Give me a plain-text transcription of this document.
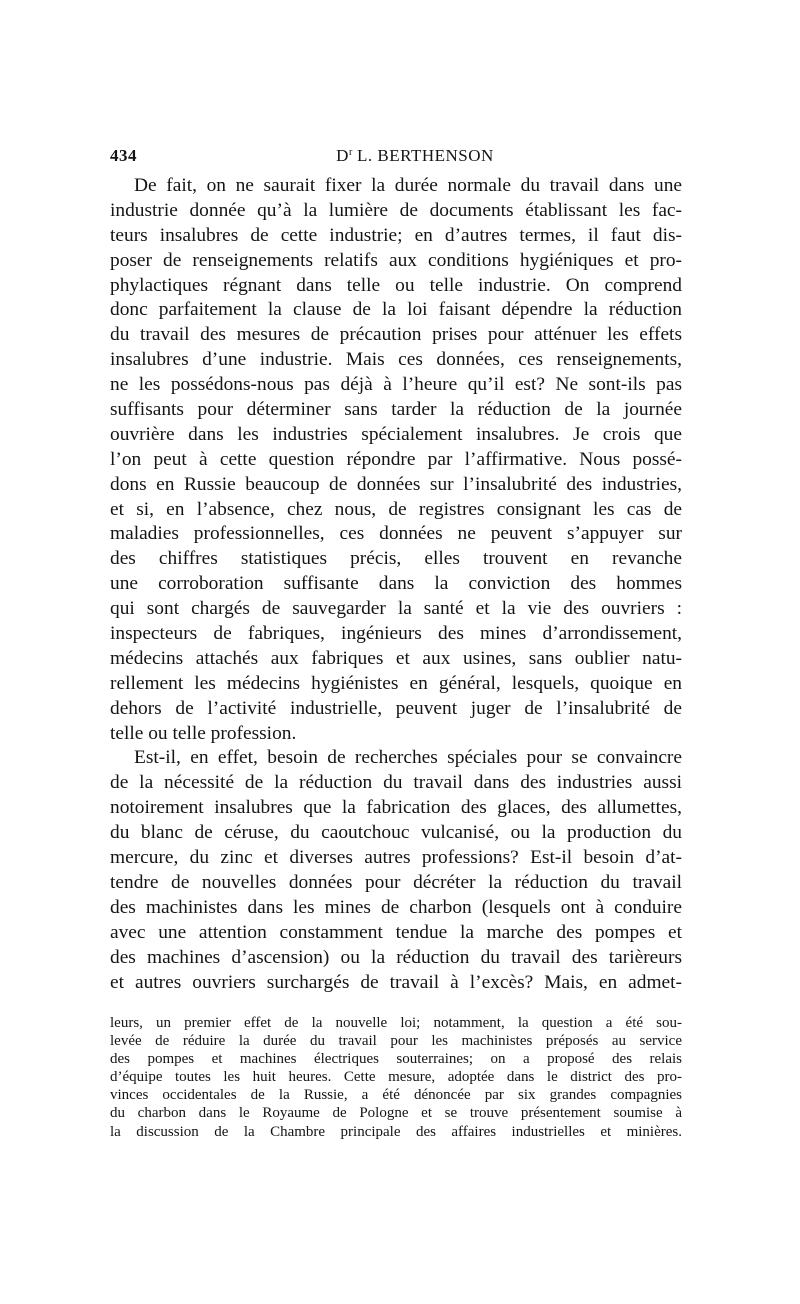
434	$D^r$ L. BERTHENSON
De fait, on ne saurait fixer la durée normale du travail dans une
industrie donnée qu’à la lumière de documents établissant les fac-
teurs insalubres de cette industrie; en d’autres termes, il faut dis-
poser de renseignements relatifs aux conditions hygiéniques et pro-
phylactiques régnant dans telle ou telle industrie. On comprend
donc parfaitement la clause de la loi faisant dépendre la réduction
du travail des mesures de précaution prises pour atténuer les effets
insalubres d’une industrie. Mais ces données, ces renseignements,
ne les possédons-nous pas déjà à l’heure qu’il est? Ne sont-ils pas
suffisants pour déterminer sans tarder la réduction de la journée
ouvrière dans les industries spécialement insalubres. Je crois que
l’on peut à cette question répondre par l’affirmative. Nous possé-
dons en Russie beaucoup de données sur l’insalubrité des industries,
et si, en l’absence, chez nous, de registres consignant les cas de
maladies professionnelles, ces données ne peuvent s’appuyer sur
des chiffres statistiques précis, elles trouvent en revanche
une corroboration suffisante dans la conviction des hommes
qui sont chargés de sauvegarder la santé et la vie des ouvriers :
inspecteurs de fabriques, ingénieurs des mines d’arrondissement,
médecins attachés aux fabriques et aux usines, sans oublier natu-
rellement les médecins hygiénistes en général, lesquels, quoique en
dehors de l’activité industrielle, peuvent juger de l’insalubrité de
telle ou telle profession.
Est-il, en effet, besoin de recherches spéciales pour se convaincre
de la nécessité de la réduction du travail dans des industries aussi
notoirement insalubres que la fabrication des glaces, des allumettes,
du blanc de céruse, du caoutchouc vulcanisé, ou la production du
mercure, du zinc et diverses autres professions? Est-il besoin d’at-
tendre de nouvelles données pour décréter la réduction du travail
des machinistes dans les mines de charbon (lesquels ont à conduire
avec une attention constamment tendue la marche des pompes et
des machines d’ascension) ou la réduction du travail des tarièreurs
et autres ouvriers surchargés de travail à l’excès? Mais, en admet-
leurs, un premier effet de la nouvelle loi; notamment, la question a été sou-
levée de réduire la durée du travail pour les machinistes préposés au service
des pompes et machines électriques souterraines; on a proposé des relais
d’équipe toutes les huit heures. Cette mesure, adoptée dans le district des pro-
vinces occidentales de la Russie, a été dénoncée par six grandes compagnies
du charbon dans le Royaume de Pologne et se trouve présentement soumise à
la discussion de la Chambre principale des affaires industrielles et minières.
